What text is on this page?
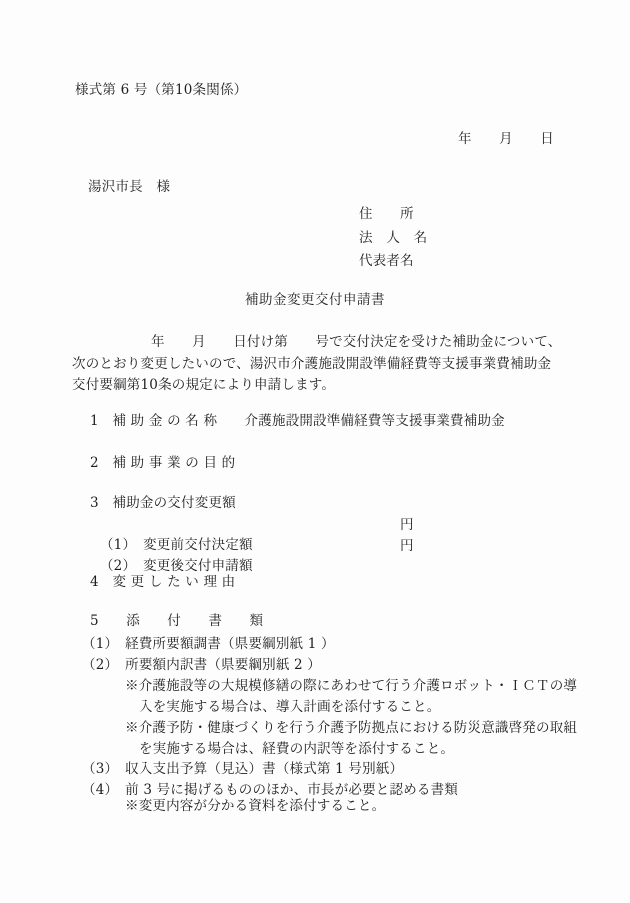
様式第 6 号（第10条関係）
年　　月　　日
湯沢市長　様
住　　所
法　人　名
代表者名
補助金変更交付申請書
年　　月　　日付け第　　号で交付決定を受けた補助金について、
次のとおり変更したいので、湯沢市介護施設開設準備経費等支援事業費補助金
交付要綱第10条の規定により申請します。
1　補 助 金 の 名 称　　介護施設開設準備経費等支援事業費補助金
2　補 助 事 業 の 目 的
3　補助金の交付変更額

（1）　変更前交付決定額

円

（2）　変更後交付申請額

円

4　変 更 し た い 理 由
5　　添　　付　　書　　類
（1）　経費所要額調書（県要綱別紙 1 ）
（2）　所要額内訳書（県要綱別紙 2 ）
※介護施設等の大規模修繕の際にあわせて行う介護ロボット・ＩＣＴの導
入を実施する場合は、導入計画を添付すること。
※介護予防・健康づくりを行う介護予防拠点における防災意識啓発の取組
を実施する場合は、経費の内訳等を添付すること。
（3）　収入支出予算（見込）書（様式第 1 号別紙）
（4）　前 3 号に掲げるもののほか、市長が必要と認める書類
※変更内容が分かる資料を添付すること。
